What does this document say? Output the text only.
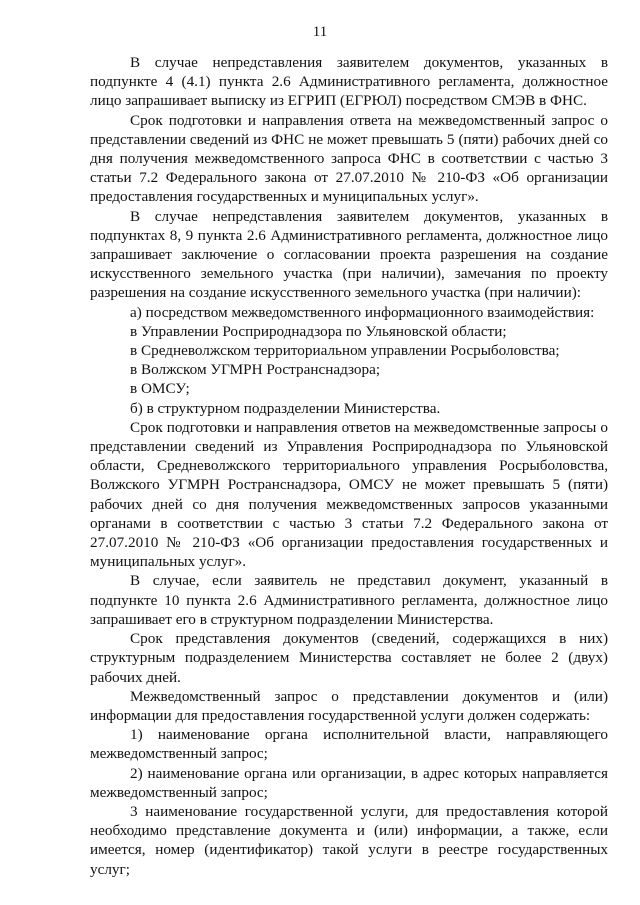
11

В случае непредставления заявителем документов, указанных в подпункте 4 (4.1) пункта 2.6 Административного регламента, должностное лицо запрашивает выписку из ЕГРИП (ЕГРЮЛ) посредством СМЭВ в ФНС.

Срок подготовки и направления ответа на межведомственный запрос о представлении сведений из ФНС не может превышать 5 (пяти) рабочих дней со дня получения межведомственного запроса ФНС в соответствии с частью 3 статьи 7.2 Федерального закона от 27.07.2010 № 210-ФЗ «Об организации предоставления государственных и муниципальных услуг».

В случае непредставления заявителем документов, указанных в подпунктах 8, 9 пункта 2.6 Административного регламента, должностное лицо запрашивает заключение о согласовании проекта разрешения на создание искусственного земельного участка (при наличии), замечания по проекту разрешения на создание искусственного земельного участка (при наличии):

а) посредством межведомственного информационного взаимодействия:

в Управлении Росприроднадзора по Ульяновской области;

в Средневолжском территориальном управлении Росрыболовства;

в Волжском УГМРН Ространснадзора;

в ОМСУ;

б) в структурном подразделении Министерства.

Срок подготовки и направления ответов на межведомственные запросы о представлении сведений из Управления Росприроднадзора по Ульяновской области, Средневолжского территориального управления Росрыболовства, Волжского УГМРН Ространснадзора, ОМСУ не может превышать 5 (пяти) рабочих дней со дня получения межведомственных запросов указанными органами в соответствии с частью 3 статьи 7.2 Федерального закона от 27.07.2010 № 210-ФЗ «Об организации предоставления государственных и муниципальных услуг».

В случае, если заявитель не представил документ, указанный в подпункте 10 пункта 2.6 Административного регламента, должностное лицо запрашивает его в структурном подразделении Министерства.

Срок представления документов (сведений, содержащихся в них) структурным подразделением Министерства составляет не более 2 (двух) рабочих дней.

Межведомственный запрос о представлении документов и (или) информации для предоставления государственной услуги должен содержать:

1) наименование органа исполнительной власти, направляющего межведомственный запрос;

2) наименование органа или организации, в адрес которых направляется межведомственный запрос;

3 наименование государственной услуги, для предоставления которой необходимо представление документа и (или) информации, а также, если имеется, номер (идентификатор) такой услуги в реестре государственных услуг;
